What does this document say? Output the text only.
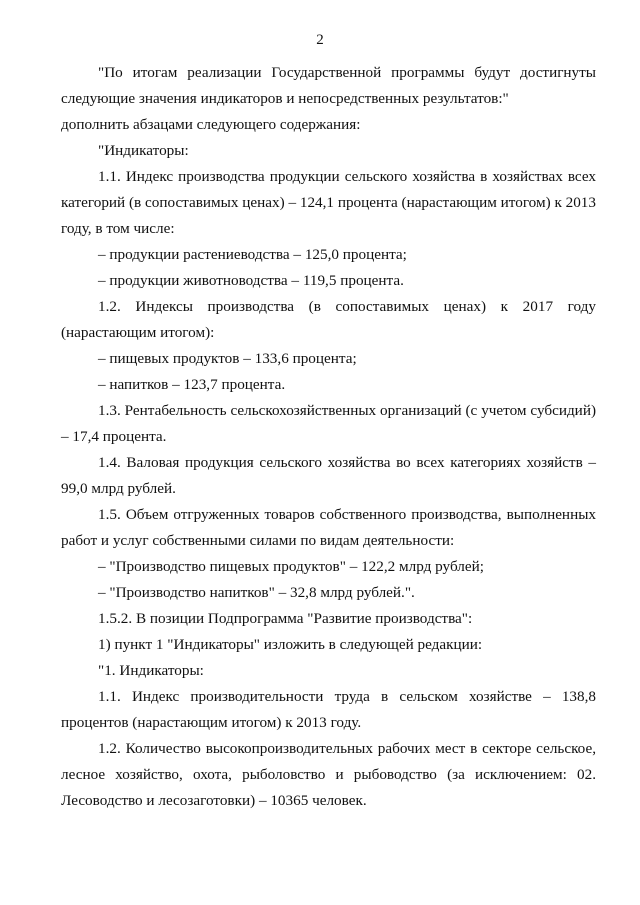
2

"По итогам реализации Государственной программы будут достигнуты следующие значения индикаторов и непосредственных результатов:"

дополнить абзацами следующего содержания:

"Индикаторы:

1.1. Индекс производства продукции сельского хозяйства в хозяйствах всех категорий (в сопоставимых ценах) – 124,1 процента (нарастающим итогом) к 2013 году, в том числе:

– продукции растениеводства – 125,0 процента;

– продукции животноводства – 119,5 процента.

1.2. Индексы производства (в сопоставимых ценах) к 2017 году (нарастающим итогом):

– пищевых продуктов – 133,6 процента;

– напитков – 123,7 процента.

1.3. Рентабельность сельскохозяйственных организаций (с учетом субсидий) – 17,4 процента.

1.4. Валовая продукция сельского хозяйства во всех категориях хозяйств – 99,0 млрд рублей.

1.5. Объем отгруженных товаров собственного производства, выполненных работ и услуг собственными силами по видам деятельности:

– "Производство пищевых продуктов" – 122,2 млрд рублей;

– "Производство напитков" – 32,8 млрд рублей.".

1.5.2. В позиции Подпрограмма "Развитие производства":

1) пункт 1 "Индикаторы" изложить в следующей редакции:

"1. Индикаторы:

1.1. Индекс производительности труда в сельском хозяйстве – 138,8 процентов (нарастающим итогом) к 2013 году.

1.2. Количество высокопроизводительных рабочих мест в секторе сельское, лесное хозяйство, охота, рыболовство и рыбоводство (за исключением: 02. Лесоводство и лесозаготовки) – 10365 человек.
